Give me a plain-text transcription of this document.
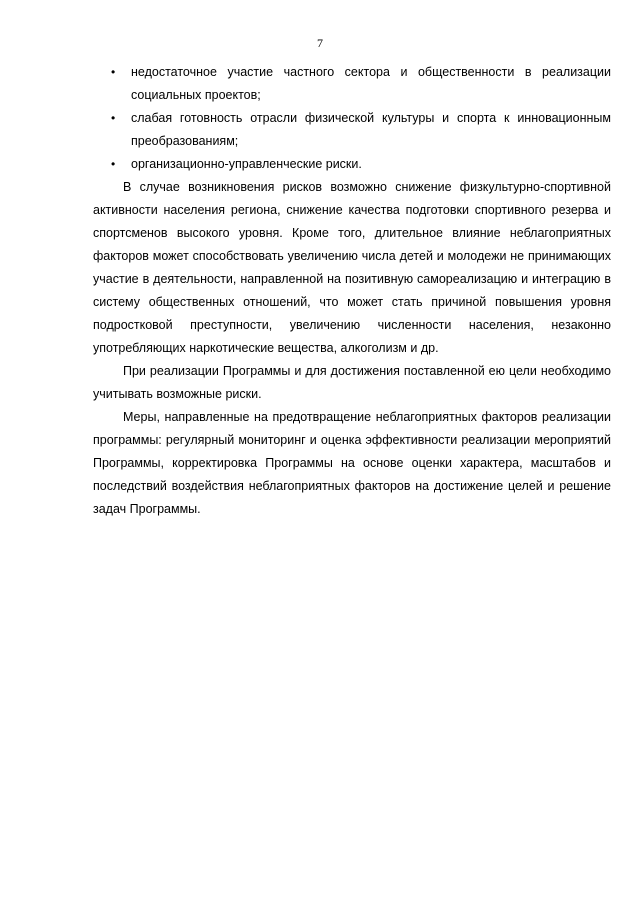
7
• недостаточное участие частного сектора и общественности в реализации социальных проектов;
• слабая готовность отрасли физической культуры и спорта к инновационным преобразованиям;
• организационно-управленческие риски.

В случае возникновения рисков возможно снижение физкультурно-спортивной активности населения региона, снижение качества подготовки спортивного резерва и спортсменов высокого уровня. Кроме того, длительное влияние неблагоприятных факторов может способствовать увеличению числа детей и молодежи не принимающих участие в деятельности, направленной на позитивную самореализацию и интеграцию в систему общественных отношений, что может стать причиной повышения уровня подростковой преступности, увеличению численности населения, незаконно употребляющих наркотические вещества, алкоголизм и др.

При реализации Программы и для достижения поставленной ею цели необходимо учитывать возможные риски.

Меры, направленные на предотвращение неблагоприятных факторов реализации программы: регулярный мониторинг и оценка эффективности реализации мероприятий Программы, корректировка Программы на основе оценки характера, масштабов и последствий воздействия неблагоприятных факторов на достижение целей и решение задач Программы.
